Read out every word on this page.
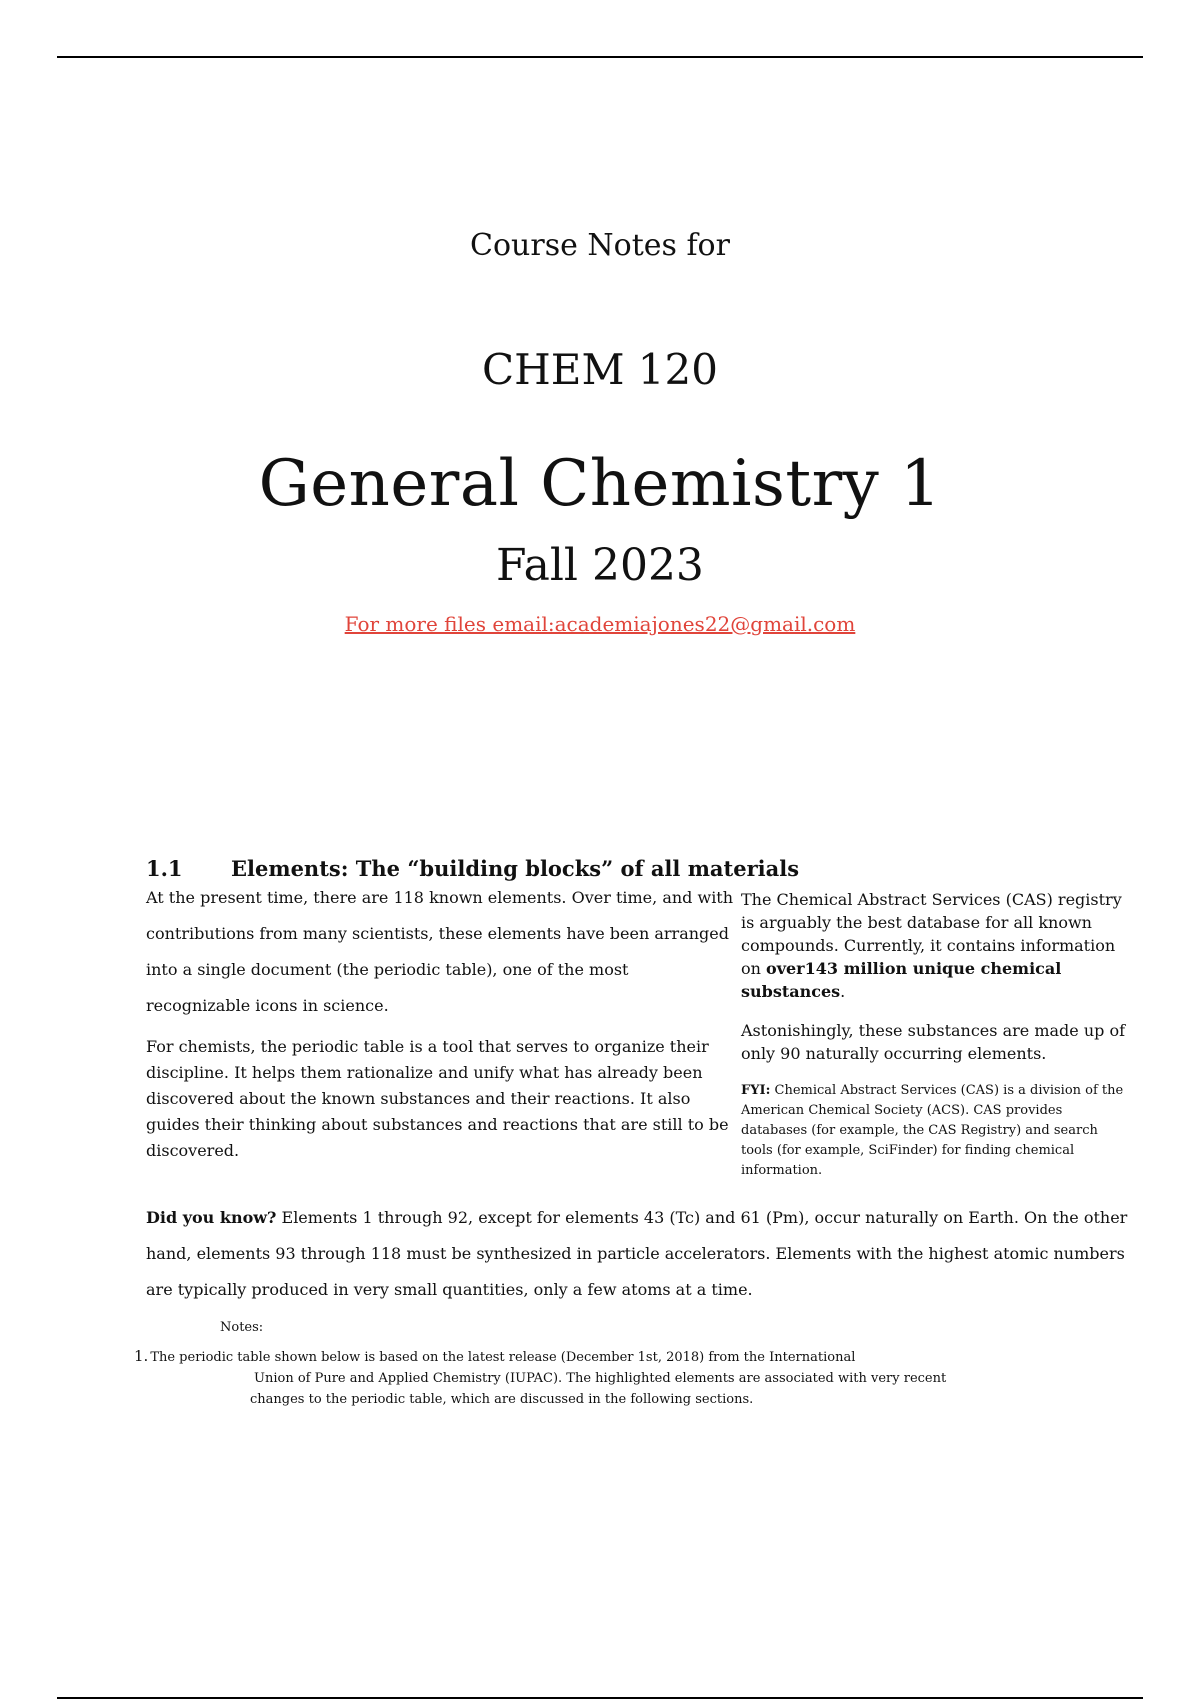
Course Notes for
CHEM 120
General Chemistry 1
Fall 2023
For more files email:academiajones22@gmail.com
1.1 Elements: The “building blocks” of all materials

At the present time, there are 118 known elements. Over time, and with contributions from many scientists, these elements have been arranged into a single document (the periodic table), one of the most recognizable icons in science.

For chemists, the periodic table is a tool that serves to organize their discipline. It helps them rationalize and unify what has already been discovered about the known substances and their reactions. It also guides their thinking about substances and reactions that are still to be discovered.

The Chemical Abstract Services (CAS) registry is arguably the best database for all known compounds. Currently, it contains information on over143 million unique chemical substances.

Astonishingly, these substances are made up of only 90 naturally occurring elements.

FYI: Chemical Abstract Services (CAS) is a division of the American Chemical Society (ACS). CAS provides databases (for example, the CAS Registry) and search tools (for example, SciFinder) for finding chemical information.

Did you know? Elements 1 through 92, except for elements 43 (Tc) and 61 (Pm), occur naturally on Earth. On the other hand, elements 93 through 118 must be synthesized in particle accelerators. Elements with the highest atomic numbers are typically produced in very small quantities, only a few atoms at a time.

Notes:
1. The periodic table shown below is based on the latest release (December 1st, 2018) from the International
Union of Pure and Applied Chemistry (IUPAC). The highlighted elements are associated with very recent
changes to the periodic table, which are discussed in the following sections.
